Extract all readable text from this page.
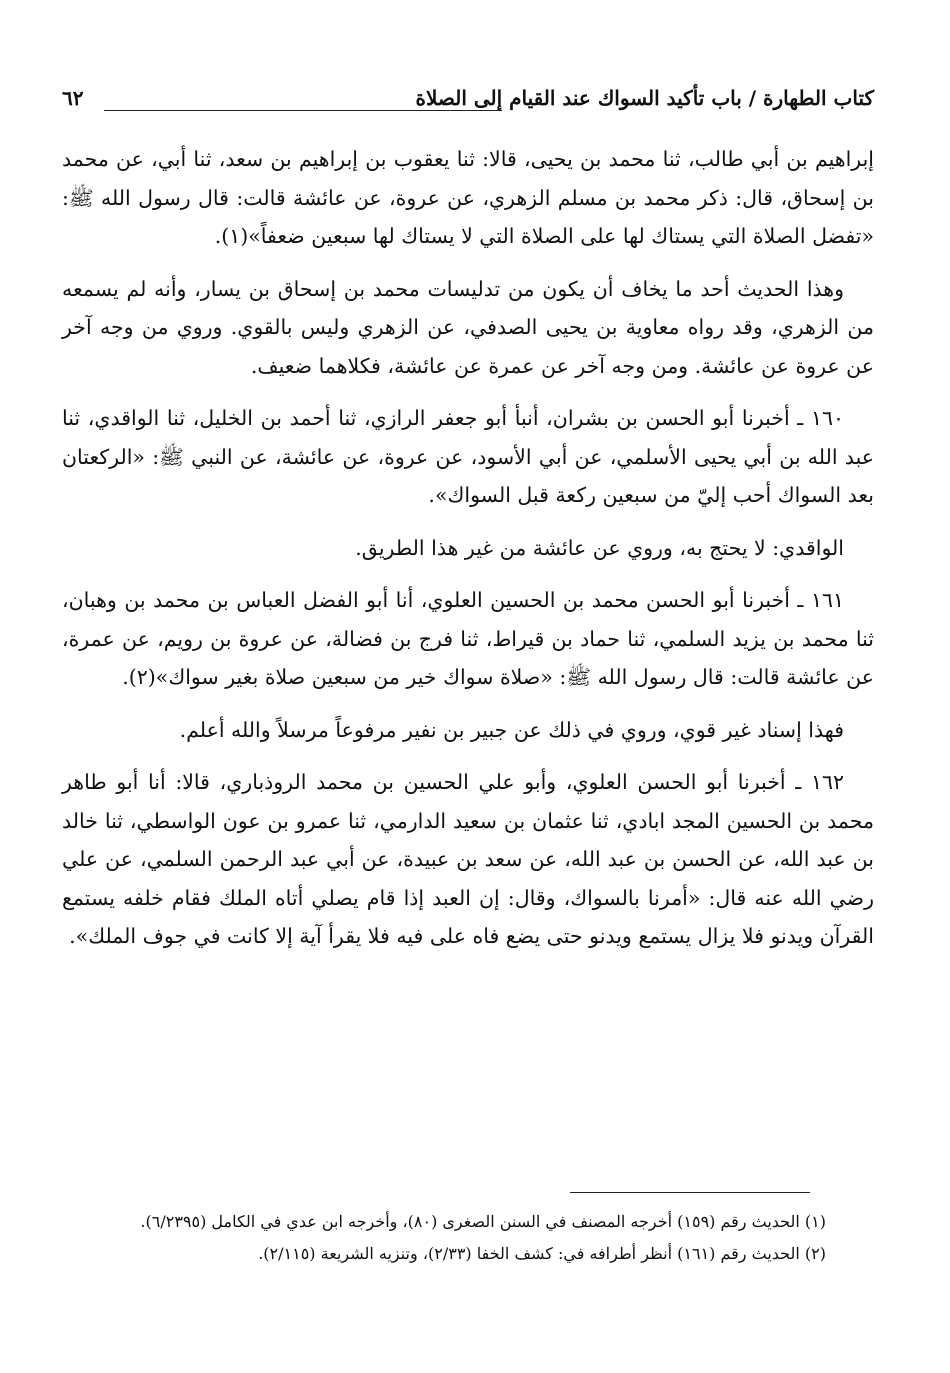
كتاب الطهارة / باب تأكيد السواك عند القيام إلى الصلاة
٦٢

إبراهيم بن أبي طالب، ثنا محمد بن يحيى، قالا: ثنا يعقوب بن إبراهيم بن سعد، ثنا أبي، عن محمد بن إسحاق، قال: ذكر محمد بن مسلم الزهري، عن عروة، عن عائشة قالت: قال رسول الله ﷺ: «تفضل الصلاة التي يستاك لها على الصلاة التي لا يستاك لها سبعين ضعفاً»(١).

وهذا الحديث أحد ما يخاف أن يكون من تدليسات محمد بن إسحاق بن يسار، وأنه لم يسمعه من الزهري، وقد رواه معاوية بن يحيى الصدفي، عن الزهري وليس بالقوي. وروي من وجه آخر عن عروة عن عائشة. ومن وجه آخر عن عمرة عن عائشة، فكلاهما ضعيف.

١٦٠ ـ أخبرنا أبو الحسن بن بشران، أنبأ أبو جعفر الرازي، ثنا أحمد بن الخليل، ثنا الواقدي، ثنا عبد الله بن أبي يحيى الأسلمي، عن أبي الأسود، عن عروة، عن عائشة، عن النبي ﷺ: «الركعتان بعد السواك أحب إليّ من سبعين ركعة قبل السواك».

الواقدي: لا يحتج به، وروي عن عائشة من غير هذا الطريق.

١٦١ ـ أخبرنا أبو الحسن محمد بن الحسين العلوي، أنا أبو الفضل العباس بن محمد بن وهبان، ثنا محمد بن يزيد السلمي، ثنا حماد بن قيراط، ثنا فرج بن فضالة، عن عروة بن رويم، عن عمرة، عن عائشة قالت: قال رسول الله ﷺ: «صلاة سواك خير من سبعين صلاة بغير سواك»(٢).

فهذا إسناد غير قوي، وروي في ذلك عن جبير بن نفير مرفوعاً مرسلاً والله أعلم.

١٦٢ ـ أخبرنا أبو الحسن العلوي، وأبو علي الحسين بن محمد الروذباري، قالا: أنا أبو طاهر محمد بن الحسين المجد ابادي، ثنا عثمان بن سعيد الدارمي، ثنا عمرو بن عون الواسطي، ثنا خالد بن عبد الله، عن الحسن بن عبد الله، عن سعد بن عبيدة، عن أبي عبد الرحمن السلمي، عن علي رضي الله عنه قال: «أمرنا بالسواك، وقال: إن العبد إذا قام يصلي أتاه الملك فقام خلفه يستمع القرآن ويدنو فلا يزال يستمع ويدنو حتى يضع فاه على فيه فلا يقرأ آية إلا كانت في جوف الملك».

(١) الحديث رقم (١٥٩) أخرجه المصنف في السنن الصغرى (٨٠)، وأخرجه ابن عدي في الكامل (٦/٢٣٩٥).

(٢) الحديث رقم (١٦١) أنظر أطرافه في: كشف الخفا (٢/٣٣)، وتنزيه الشريعة (٢/١١٥).
